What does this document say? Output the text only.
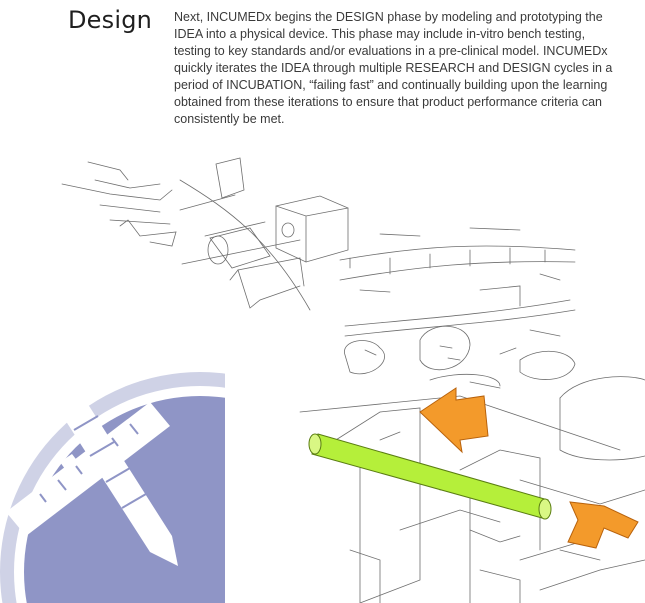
Design Next, INCUMEDx begins the DESIGN phase by modeling and prototyping the IDEA into a physical device. This phase may include in-vitro bench testing, testing to key standards and/or evaluations in a pre-clinical model. INCUMEDx quickly iterates the IDEA through multiple RESEARCH and DESIGN cycles in a period of INCUBATION, “failing fast” and continually building upon the learning obtained from these iterations to ensure that product performance criteria can consistently be met.
